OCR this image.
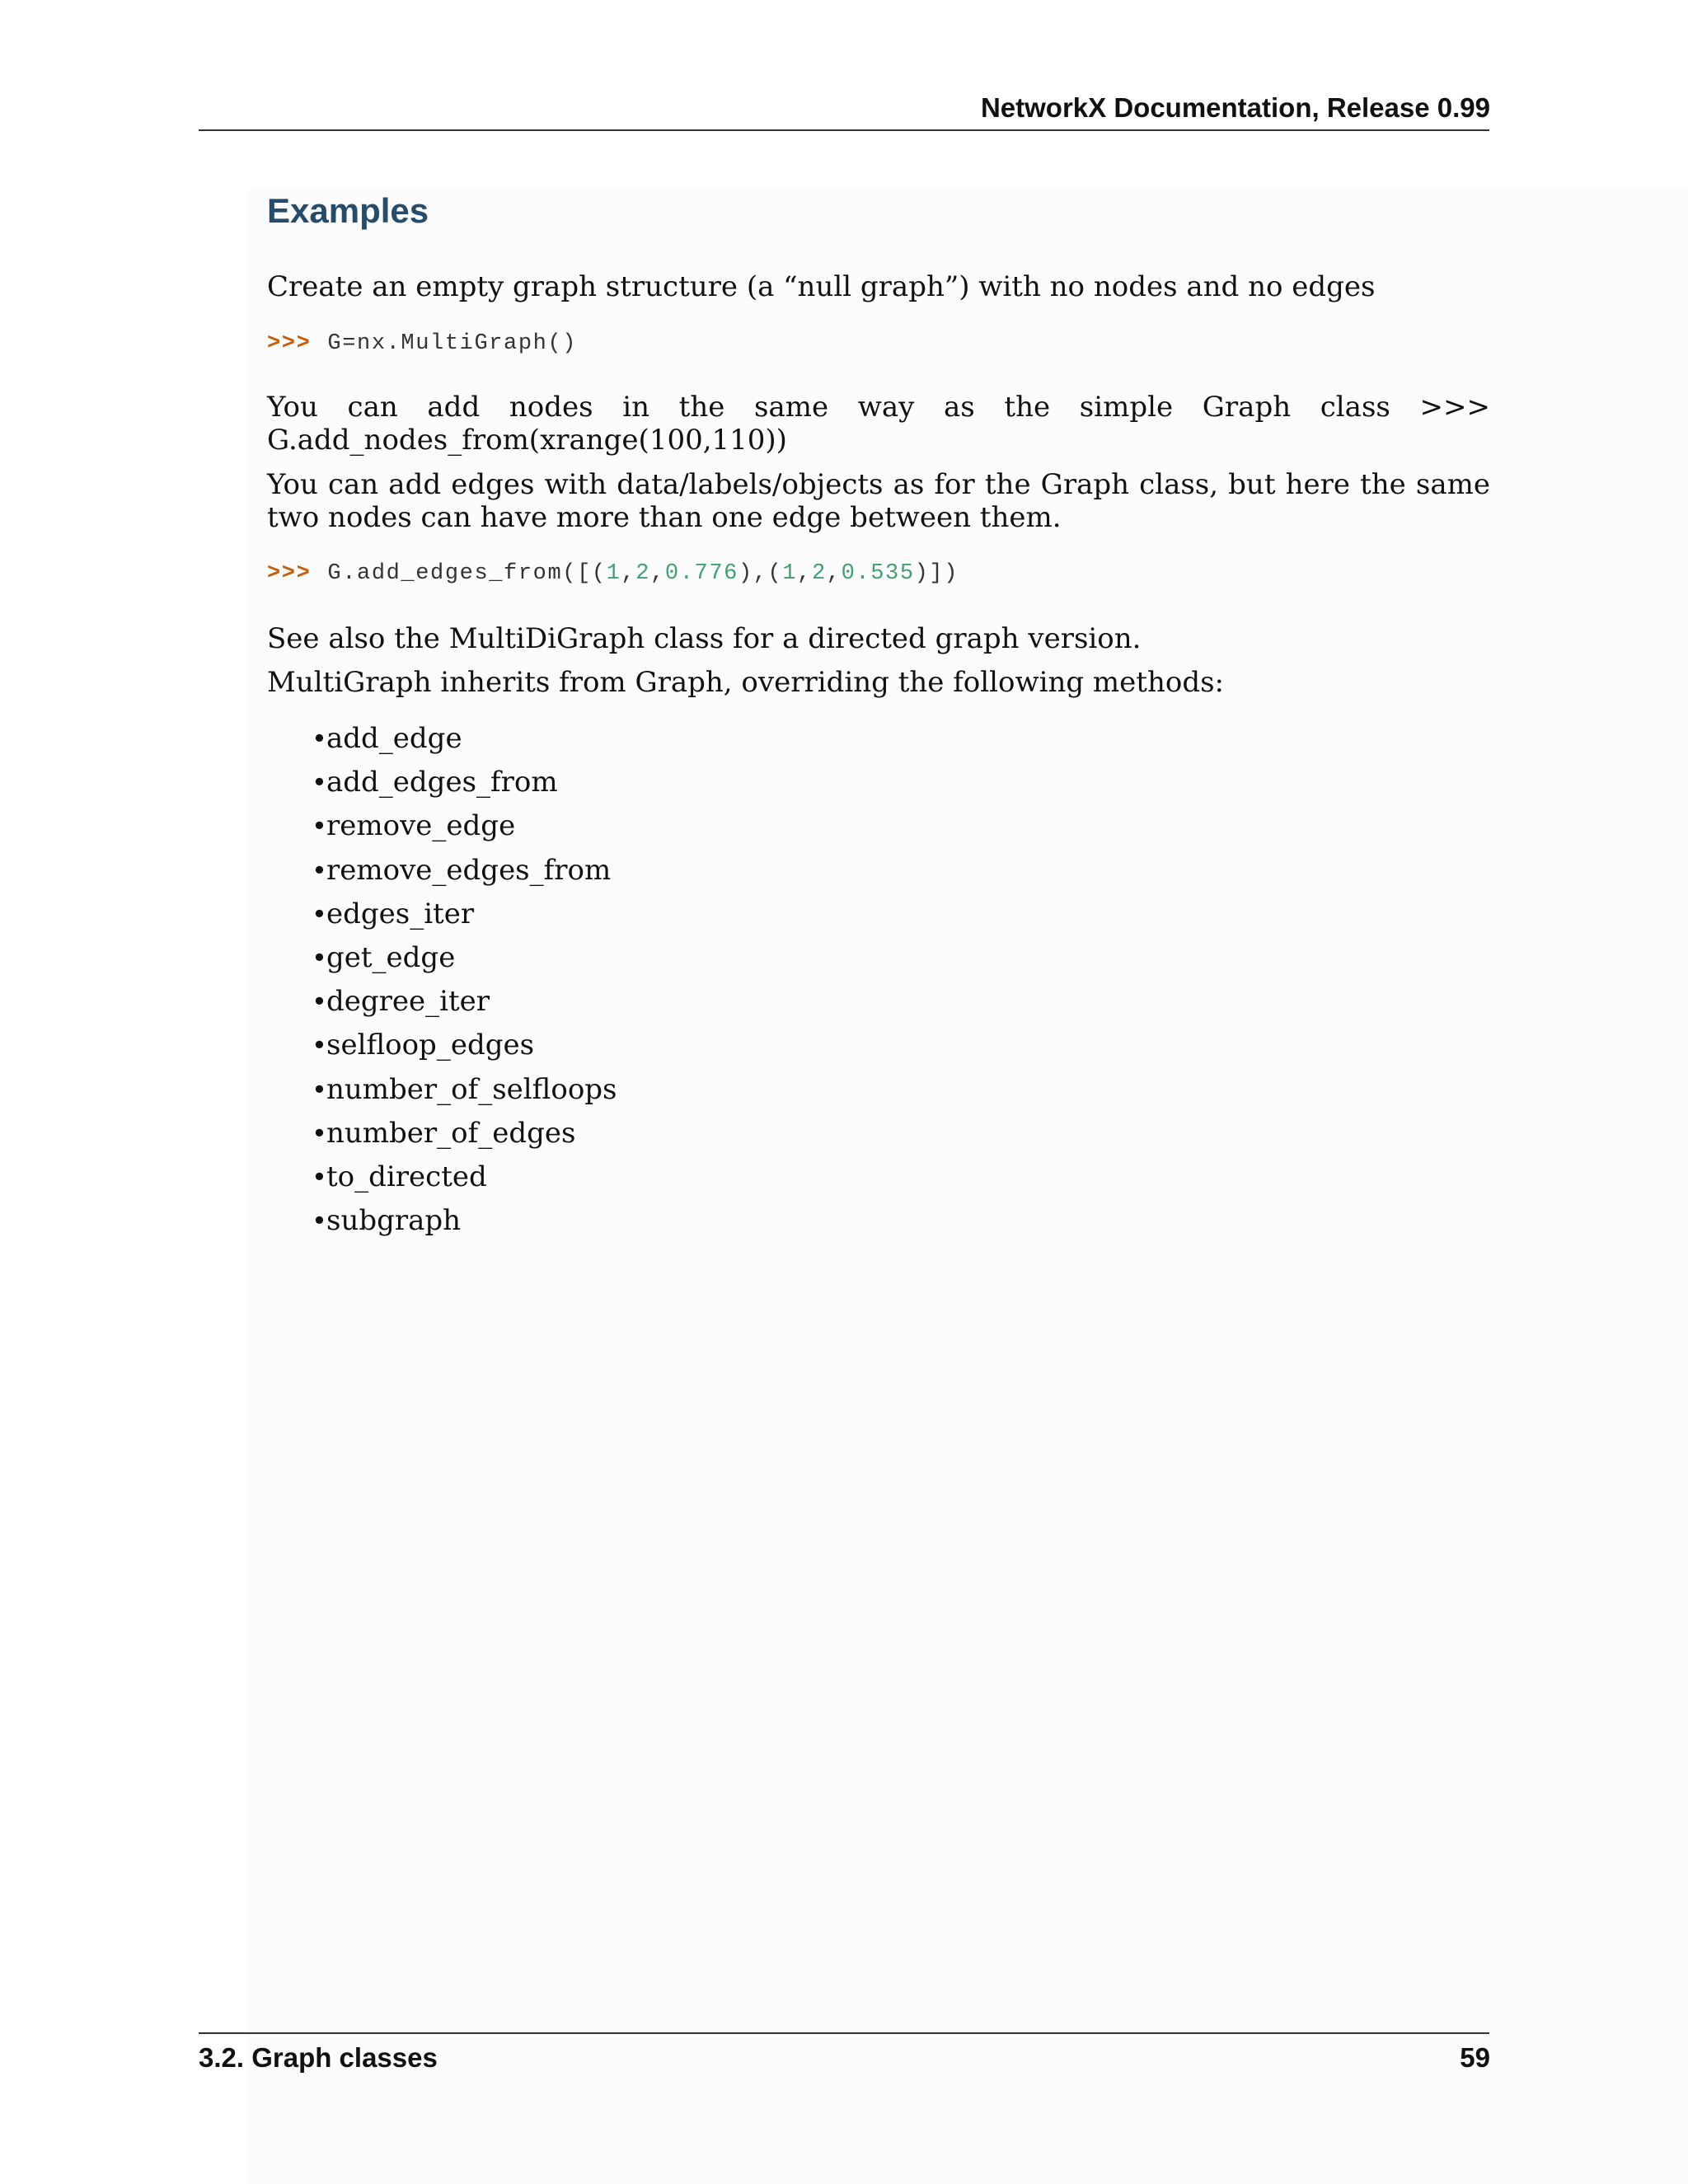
NetworkX Documentation, Release 0.99
Examples
Create an empty graph structure (a “null graph”) with no nodes and no edges
>>> G=nx.MultiGraph()
You can add nodes in the same way as the simple Graph class >>>
G.add_nodes_from(xrange(100,110))
You can add edges with data/labels/objects as for the Graph class, but here the same two nodes can have more than one edge between them.
>>> G.add_edges_from([(1,2,0.776),(1,2,0.535)])
See also the MultiDiGraph class for a directed graph version.
MultiGraph inherits from Graph, overriding the following methods:
•add_edge
•add_edges_from
•remove_edge
•remove_edges_from
•edges_iter
•get_edge
•degree_iter
•selfloop_edges
•number_of_selfloops
•number_of_edges
•to_directed
•subgraph
3.2. Graph classes	59
